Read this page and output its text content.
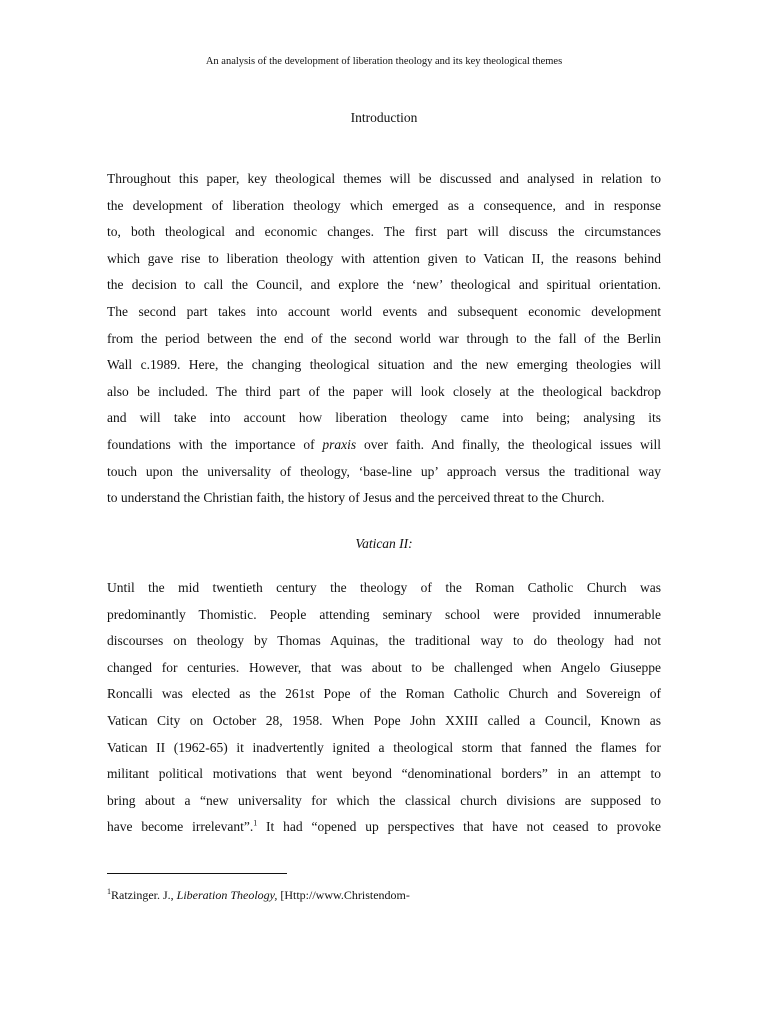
An analysis of the development of liberation theology and its key theological themes
Introduction
Throughout this paper, key theological themes will be discussed and analysed in relation to
the development of liberation theology which emerged as a consequence, and in response
to, both theological and economic changes. The first part will discuss the circumstances
which gave rise to liberation theology with attention given to Vatican II, the reasons behind
the decision to call the Council, and explore the ‘new’ theological and spiritual orientation.
The second part takes into account world events and subsequent economic development
from the period between the end of the second world war through to the fall of the Berlin
Wall c.1989. Here, the changing theological situation and the new emerging theologies will
also be included. The third part of the paper will look closely at the theological backdrop
and will take into account how liberation theology came into being; analysing its
foundations with the importance of praxis over faith. And finally, the theological issues will
touch upon the universality of theology, ‘base-line up’ approach versus the traditional way
to understand the Christian faith, the history of Jesus and the perceived threat to the Church.
Vatican II:
Until the mid twentieth century the theology of the Roman Catholic Church was
predominantly Thomistic. People attending seminary school were provided innumerable
discourses on theology by Thomas Aquinas, the traditional way to do theology had not
changed for centuries. However, that was about to be challenged when Angelo Giuseppe
Roncalli was elected as the 261st Pope of the Roman Catholic Church and Sovereign of
Vatican City on October 28, 1958. When Pope John XXIII called a Council, Known as
Vatican II (1962-65) it inadvertently ignited a theological storm that fanned the flames for
militant political motivations that went beyond “denominational borders” in an attempt to
bring about a “new universality for which the classical church divisions are supposed to
have become irrelevant”.$^1$ It had “opened up perspectives that have not ceased to provoke
$^1$Ratzinger. J., Liberation Theology, [Http://www.Christendom-
